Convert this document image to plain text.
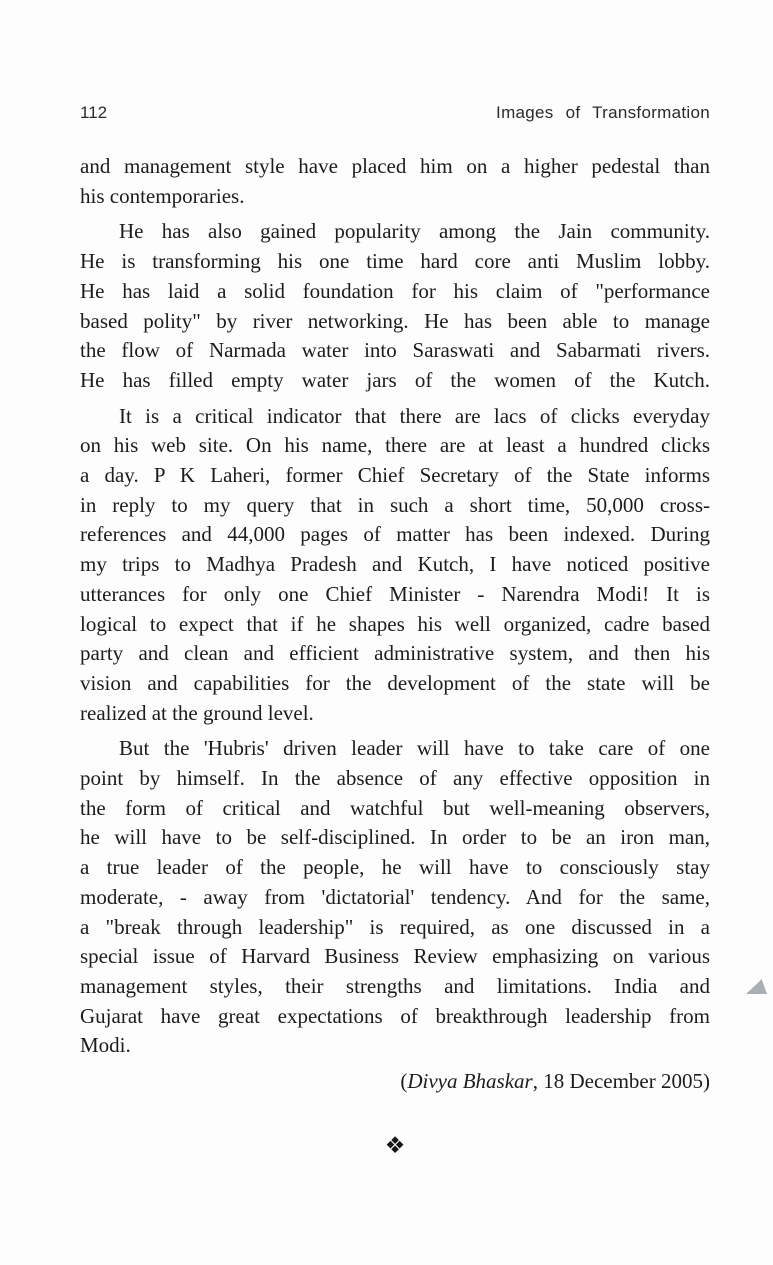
112	Images of Transformation
and management style have placed him on a higher pedestal than
his contemporaries.
He has also gained popularity among the Jain community.
He is transforming his one time hard core anti Muslim lobby.
He has laid a solid foundation for his claim of "performance
based polity" by river networking. He has been able to manage
the flow of Narmada water into Saraswati and Sabarmati rivers.
He has filled empty water jars of the women of the Kutch.
It is a critical indicator that there are lacs of clicks everyday
on his web site. On his name, there are at least a hundred clicks
a day. P K Laheri, former Chief Secretary of the State informs
in reply to my query that in such a short time, 50,000 cross-
references and 44,000 pages of matter has been indexed. During
my trips to Madhya Pradesh and Kutch, I have noticed positive
utterances for only one Chief Minister - Narendra Modi! It is
logical to expect that if he shapes his well organized, cadre based
party and clean and efficient administrative system, and then his
vision and capabilities for the development of the state will be
realized at the ground level.
But the 'Hubris' driven leader will have to take care of one
point by himself. In the absence of any effective opposition in
the form of critical and watchful but well-meaning observers,
he will have to be self-disciplined. In order to be an iron man,
a true leader of the people, he will have to consciously stay
moderate, - away from 'dictatorial' tendency. And for the same,
a "break through leadership" is required, as one discussed in a
special issue of Harvard Business Review emphasizing on various
management styles, their strengths and limitations. India and
Gujarat have great expectations of breakthrough leadership from
Modi.
(Divya Bhaskar, 18 December 2005)
❖
